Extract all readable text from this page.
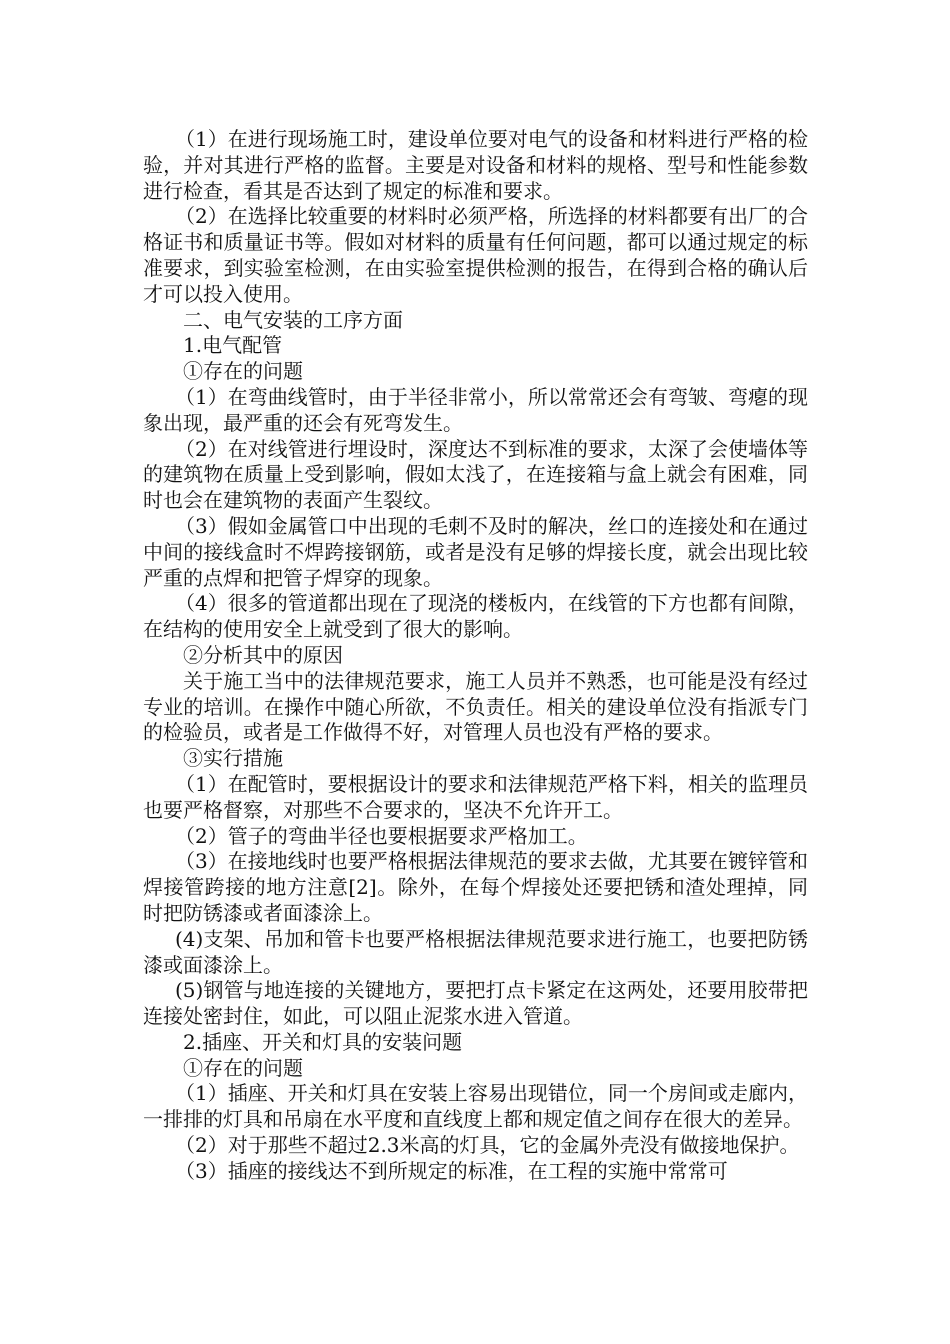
（1）在进行现场施工时，建设单位要对电气的设备和材料进行严格的检验，并对其进行严格的监督。主要是对设备和材料的规格、型号和性能参数进行检查，看其是否达到了规定的标准和要求。

（2）在选择比较重要的材料时必须严格，所选择的材料都要有出厂的合格证书和质量证书等。假如对材料的质量有任何问题，都可以通过规定的标准要求，到实验室检测，在由实验室提供检测的报告，在得到合格的确认后才可以投入使用。

二、电气安装的工序方面

1.电气配管

①存在的问题

（1）在弯曲线管时，由于半径非常小，所以常常还会有弯皱、弯瘪的现象出现，最严重的还会有死弯发生。

（2）在对线管进行埋设时，深度达不到标准的要求，太深了会使墙体等的建筑物在质量上受到影响，假如太浅了，在连接箱与盒上就会有困难，同时也会在建筑物的表面产生裂纹。

（3）假如金属管口中出现的毛刺不及时的解决，丝口的连接处和在通过中间的接线盒时不焊跨接钢筋，或者是没有足够的焊接长度，就会出现比较严重的点焊和把管子焊穿的现象。

（4）很多的管道都出现在了现浇的楼板内，在线管的下方也都有间隙，在结构的使用安全上就受到了很大的影响。

②分析其中的原因

关于施工当中的法律规范要求，施工人员并不熟悉，也可能是没有经过专业的培训。在操作中随心所欲，不负责任。相关的建设单位没有指派专门的检验员，或者是工作做得不好，对管理人员也没有严格的要求。

③实行措施

（1）在配管时，要根据设计的要求和法律规范严格下料，相关的监理员也要严格督察，对那些不合要求的，坚决不允许开工。

（2）管子的弯曲半径也要根据要求严格加工。

（3）在接地线时也要严格根据法律规范的要求去做，尤其要在镀锌管和焊接管跨接的地方注意[2]。除外，在每个焊接处还要把锈和渣处理掉，同时把防锈漆或者面漆涂上。

(4)支架、吊加和管卡也要严格根据法律规范要求进行施工，也要把防锈漆或面漆涂上。

(5)钢管与地连接的关键地方，要把打点卡紧定在这两处，还要用胶带把连接处密封住，如此，可以阻止泥浆水进入管道。

2.插座、开关和灯具的安装问题

①存在的问题

（1）插座、开关和灯具在安装上容易出现错位，同一个房间或走廊内，一排排的灯具和吊扇在水平度和直线度上都和规定值之间存在很大的差异。

（2）对于那些不超过2.3米高的灯具，它的金属外壳没有做接地保护。

（3）插座的接线达不到所规定的标准，在工程的实施中常常可
